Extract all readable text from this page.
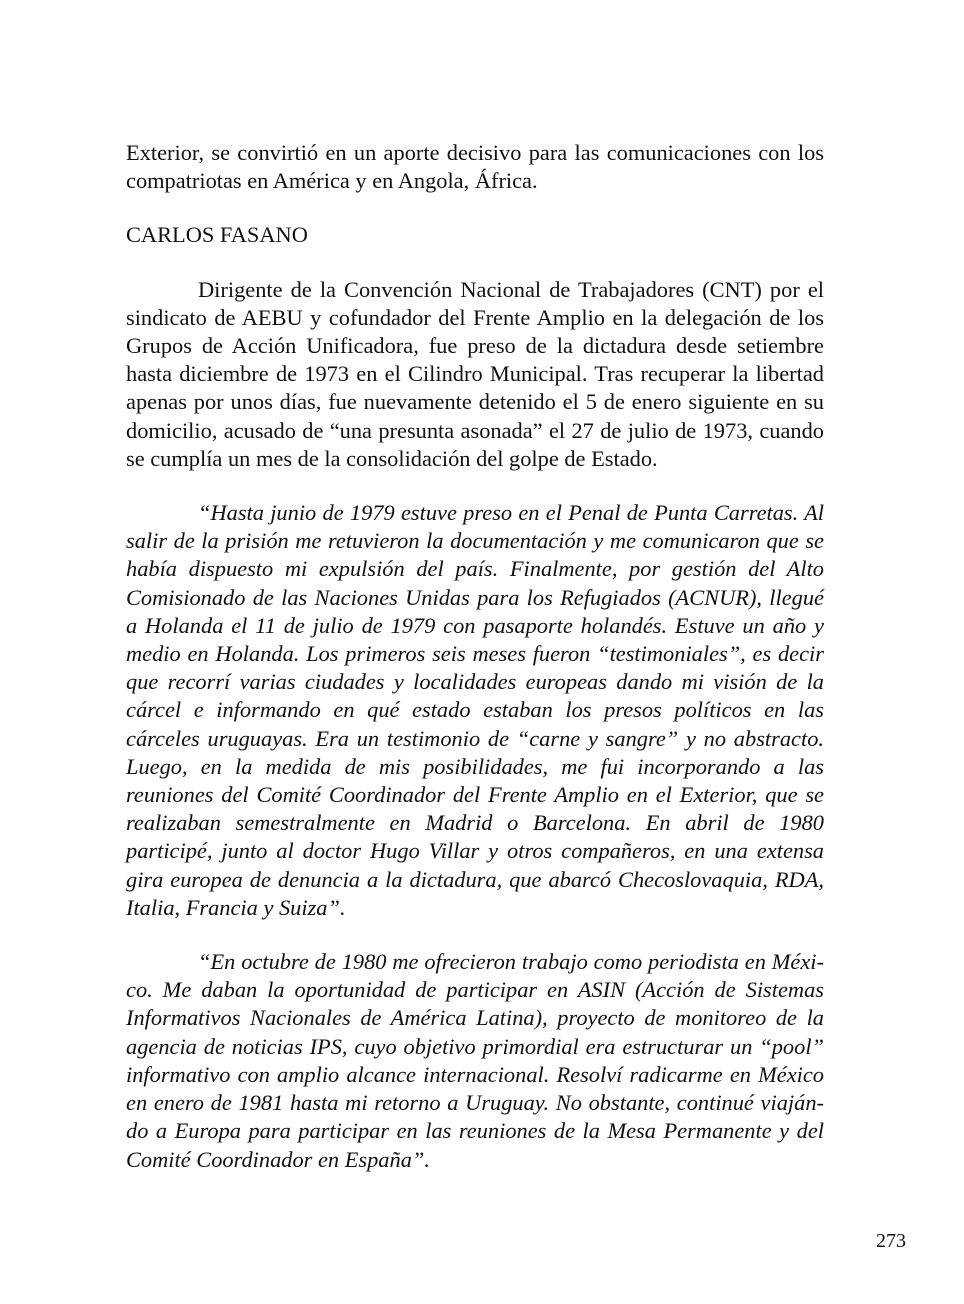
Exterior, se convirtió en un aporte decisivo para las comunicaciones con los compatriotas en América y en Angola, África.

CARLOS FASANO

Dirigente de la Convención Nacional de Trabajadores (CNT) por el sindicato de AEBU y cofundador del Frente Amplio en la delegación de los Grupos de Acción Unificadora, fue preso de la dictadura desde setiembre hasta diciembre de 1973 en el Cilindro Municipal. Tras recuperar la libertad apenas por unos días, fue nuevamente detenido el 5 de enero siguiente en su domicilio, acusado de “una presunta asonada” el 27 de julio de 1973, cuando se cumplía un mes de la consolidación del golpe de Estado.

“Hasta junio de 1979 estuve preso en el Penal de Punta Carretas. Al salir de la prisión me retuvieron la documentación y me comunicaron que se había dispuesto mi expulsión del país. Finalmente, por gestión del Alto Comisionado de las Naciones Unidas para los Refugiados (ACNUR), llegué a Holanda el 11 de julio de 1979 con pasaporte holandés. Estuve un año y medio en Holanda. Los primeros seis meses fueron “testimoniales”, es decir que recorrí varias ciudades y localidades europeas dando mi visión de la cárcel e informando en qué estado estaban los presos políticos en las cárceles uruguayas. Era un testimonio de “carne y sangre” y no abstracto. Luego, en la medida de mis posibilidades, me fui incorporando a las reuniones del Comité Coordinador del Frente Amplio en el Exterior, que se realizaban semestralmente en Madrid o Barcelona. En abril de 1980 participé, junto al doctor Hugo Villar y otros compañeros, en una extensa gira europea de denuncia a la dictadura, que abarcó Checoslovaquia, RDA, Italia, Francia y Suiza”.

“En octubre de 1980 me ofrecieron trabajo como periodista en México. Me daban la oportunidad de participar en ASIN (Acción de Sistemas Informativos Nacionales de América Latina), proyecto de monitoreo de la agencia de noticias IPS, cuyo objetivo primordial era estructurar un “pool” informativo con amplio alcance internacional. Resolví radicarme en México en enero de 1981 hasta mi retorno a Uruguay. No obstante, continué viajándo a Europa para participar en las reuniones de la Mesa Permanente y del Comité Coordinador en España”.

273
